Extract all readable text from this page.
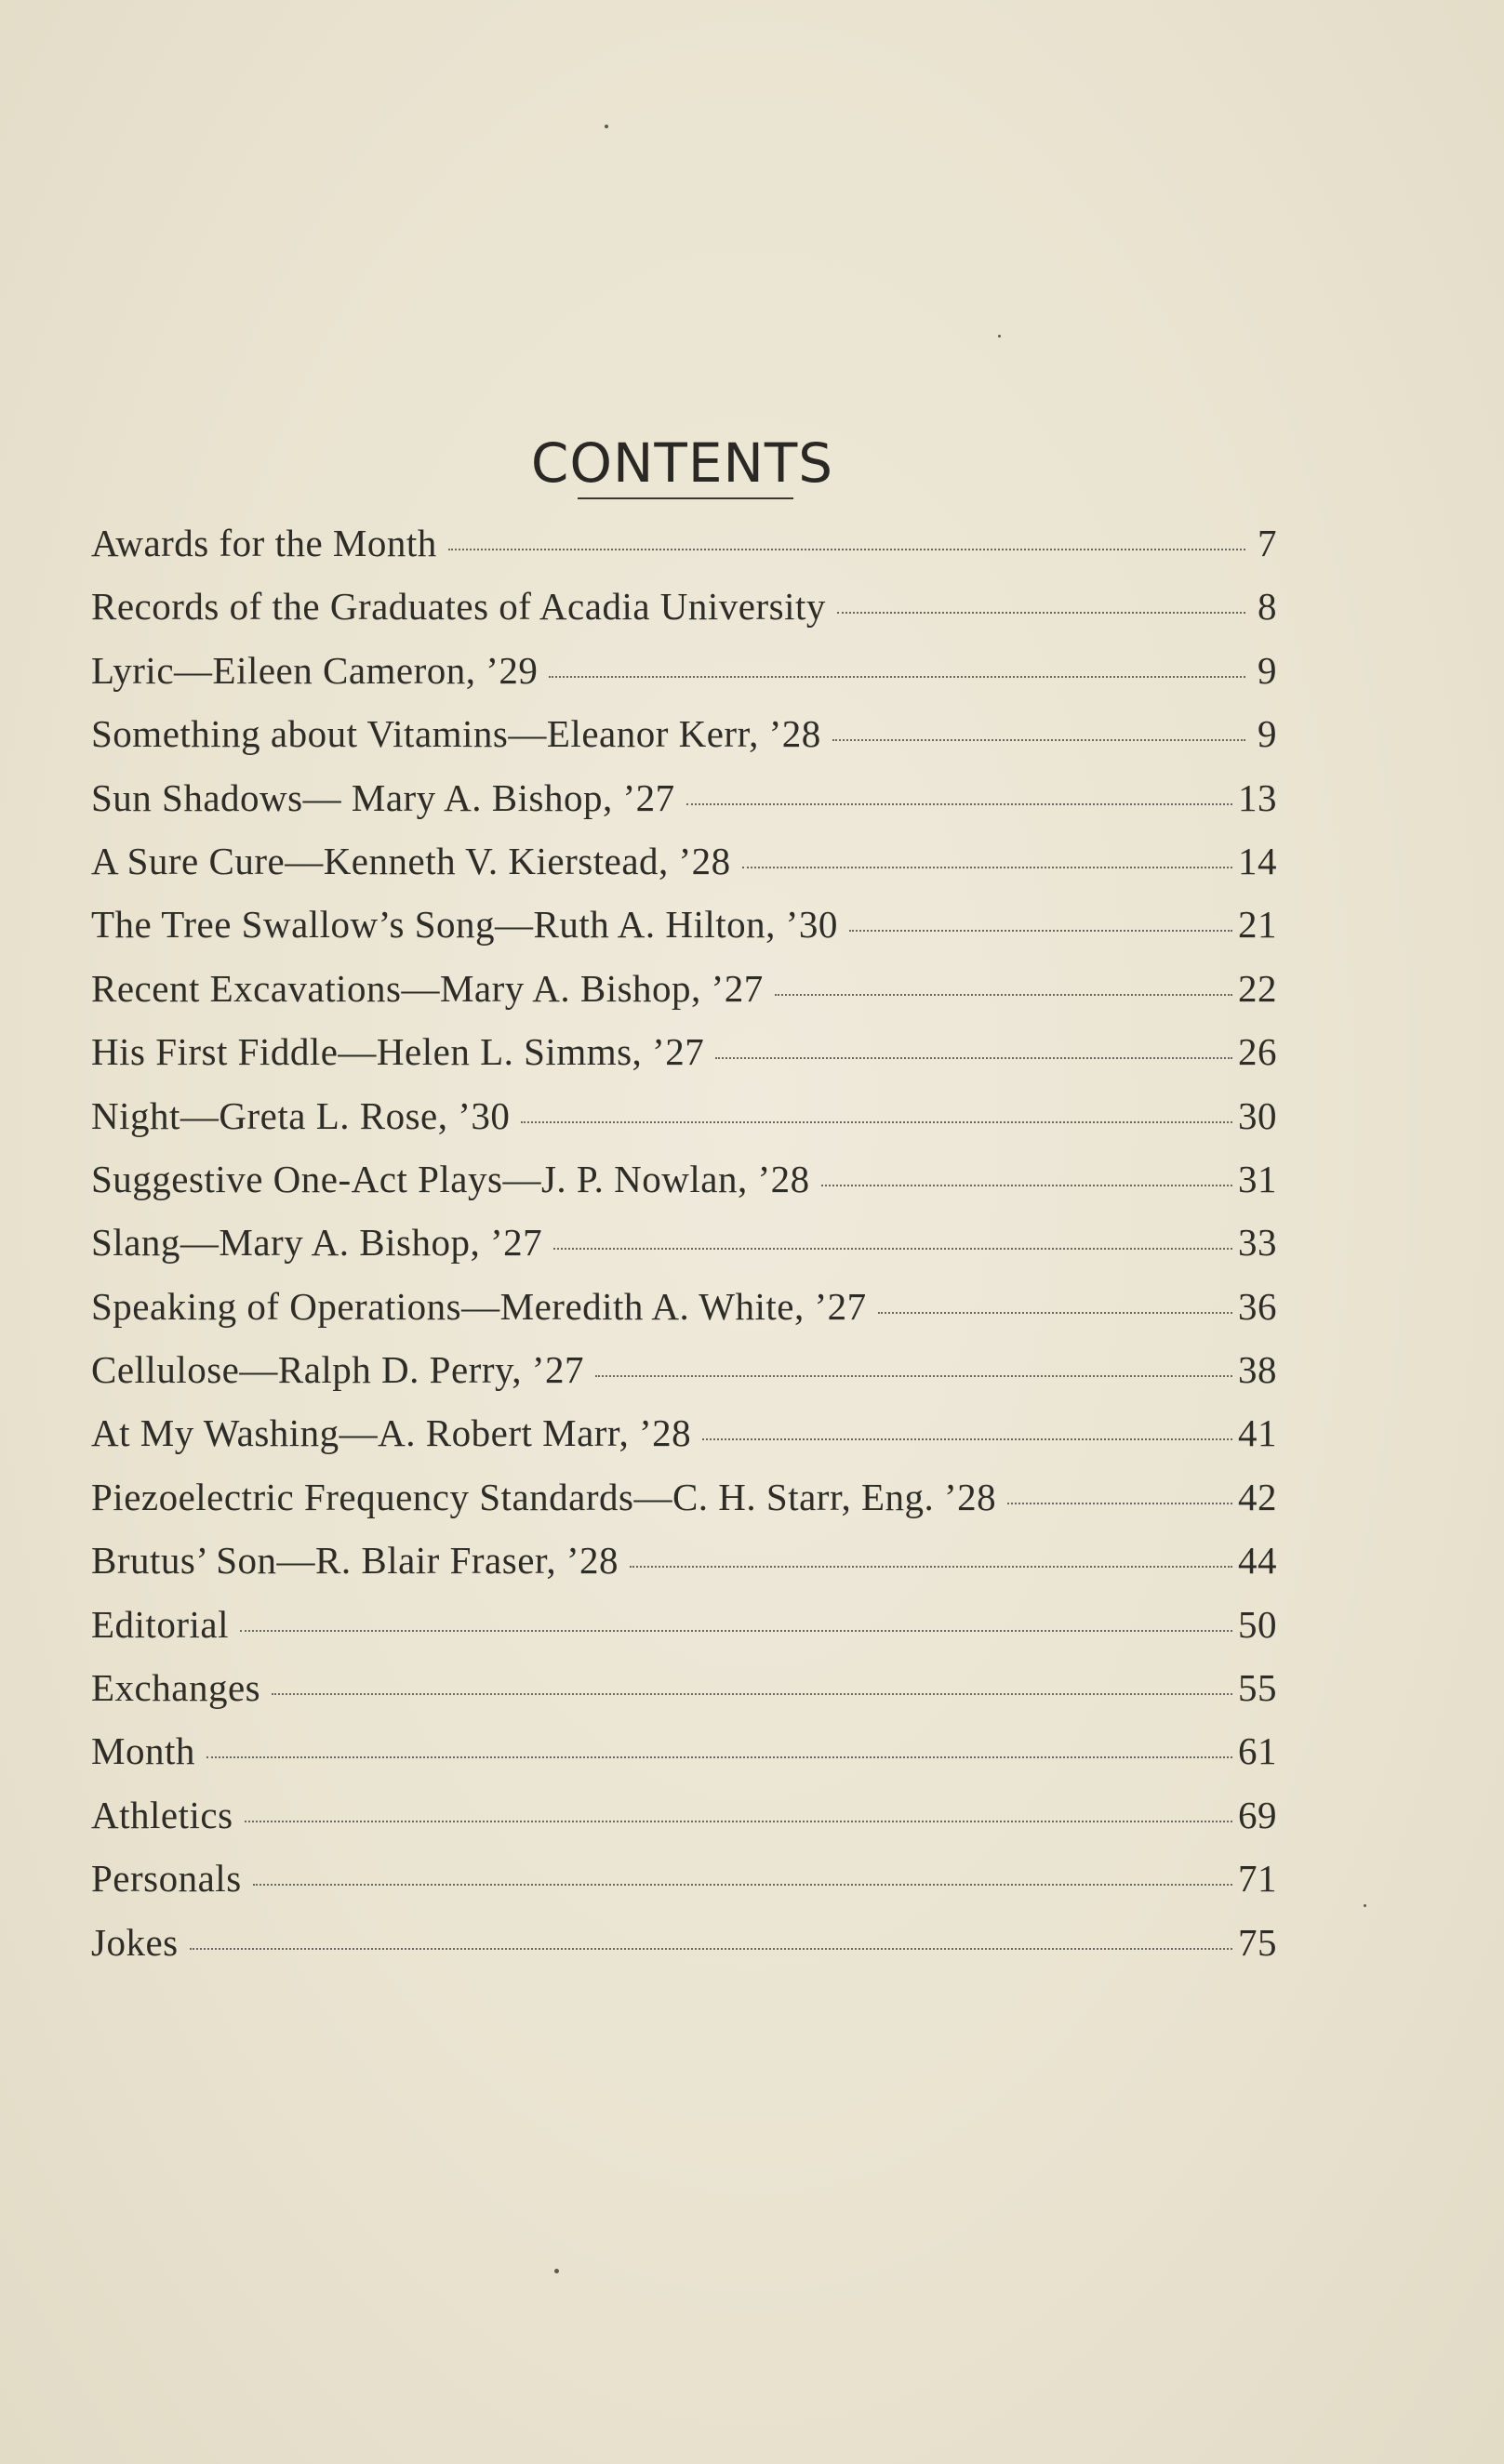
CONTENTS
Awards for the Month	7
Records of the Graduates of Acadia University	8
Lyric—Eileen Cameron, ’29	9
Something about Vitamins—Eleanor Kerr, ’28	9
Sun Shadows— Mary A. Bishop, ’27	13
A Sure Cure—Kenneth V. Kierstead, ’28	14
The Tree Swallow’s Song—Ruth A. Hilton, ’30	21
Recent Excavations—Mary A. Bishop, ’27	22
His First Fiddle—Helen L. Simms, ’27	26
Night—Greta L. Rose, ’30	30
Suggestive One-Act Plays—J. P. Nowlan, ’28	31
Slang—Mary A. Bishop, ’27	33
Speaking of Operations—Meredith A. White, ’27	36
Cellulose—Ralph D. Perry, ’27	38
At My Washing—A. Robert Marr, ’28	41
Piezoelectric Frequency Standards—C. H. Starr, Eng. ’28	42
Brutus’ Son—R. Blair Fraser, ’28	44
Editorial	50
Exchanges	55
Month	61
Athletics	69
Personals	71
Jokes	75
